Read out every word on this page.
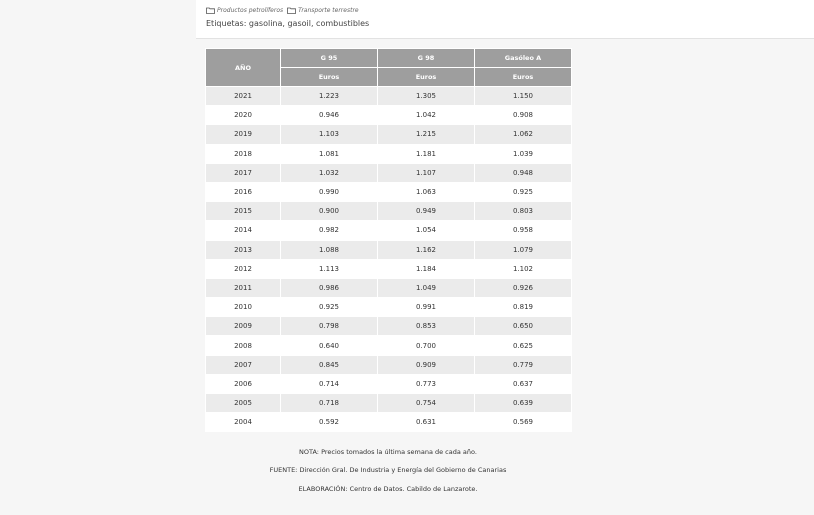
Productos petrolíferos	Transporte terrestre
Etiquetas: gasolina, gasoil, combustibles
AÑO	G 95	G 98	Gasóleo A
	Euros	Euros	Euros
2021	1.223	1.305	1.150
2020	0.946	1.042	0.908
2019	1.103	1.215	1.062
2018	1.081	1.181	1.039
2017	1.032	1.107	0.948
2016	0.990	1.063	0.925
2015	0.900	0.949	0.803
2014	0.982	1.054	0.958
2013	1.088	1.162	1.079
2012	1.113	1.184	1.102
2011	0.986	1.049	0.926
2010	0.925	0.991	0.819
2009	0.798	0.853	0.650
2008	0.640	0.700	0.625
2007	0.845	0.909	0.779
2006	0.714	0.773	0.637
2005	0.718	0.754	0.639
2004	0.592	0.631	0.569
NOTA: Precios tomados la última semana de cada año.
FUENTE: Dirección Gral. De Industria y Energía del Gobierno de Canarias
ELABORACIÓN: Centro de Datos. Cabildo de Lanzarote.
